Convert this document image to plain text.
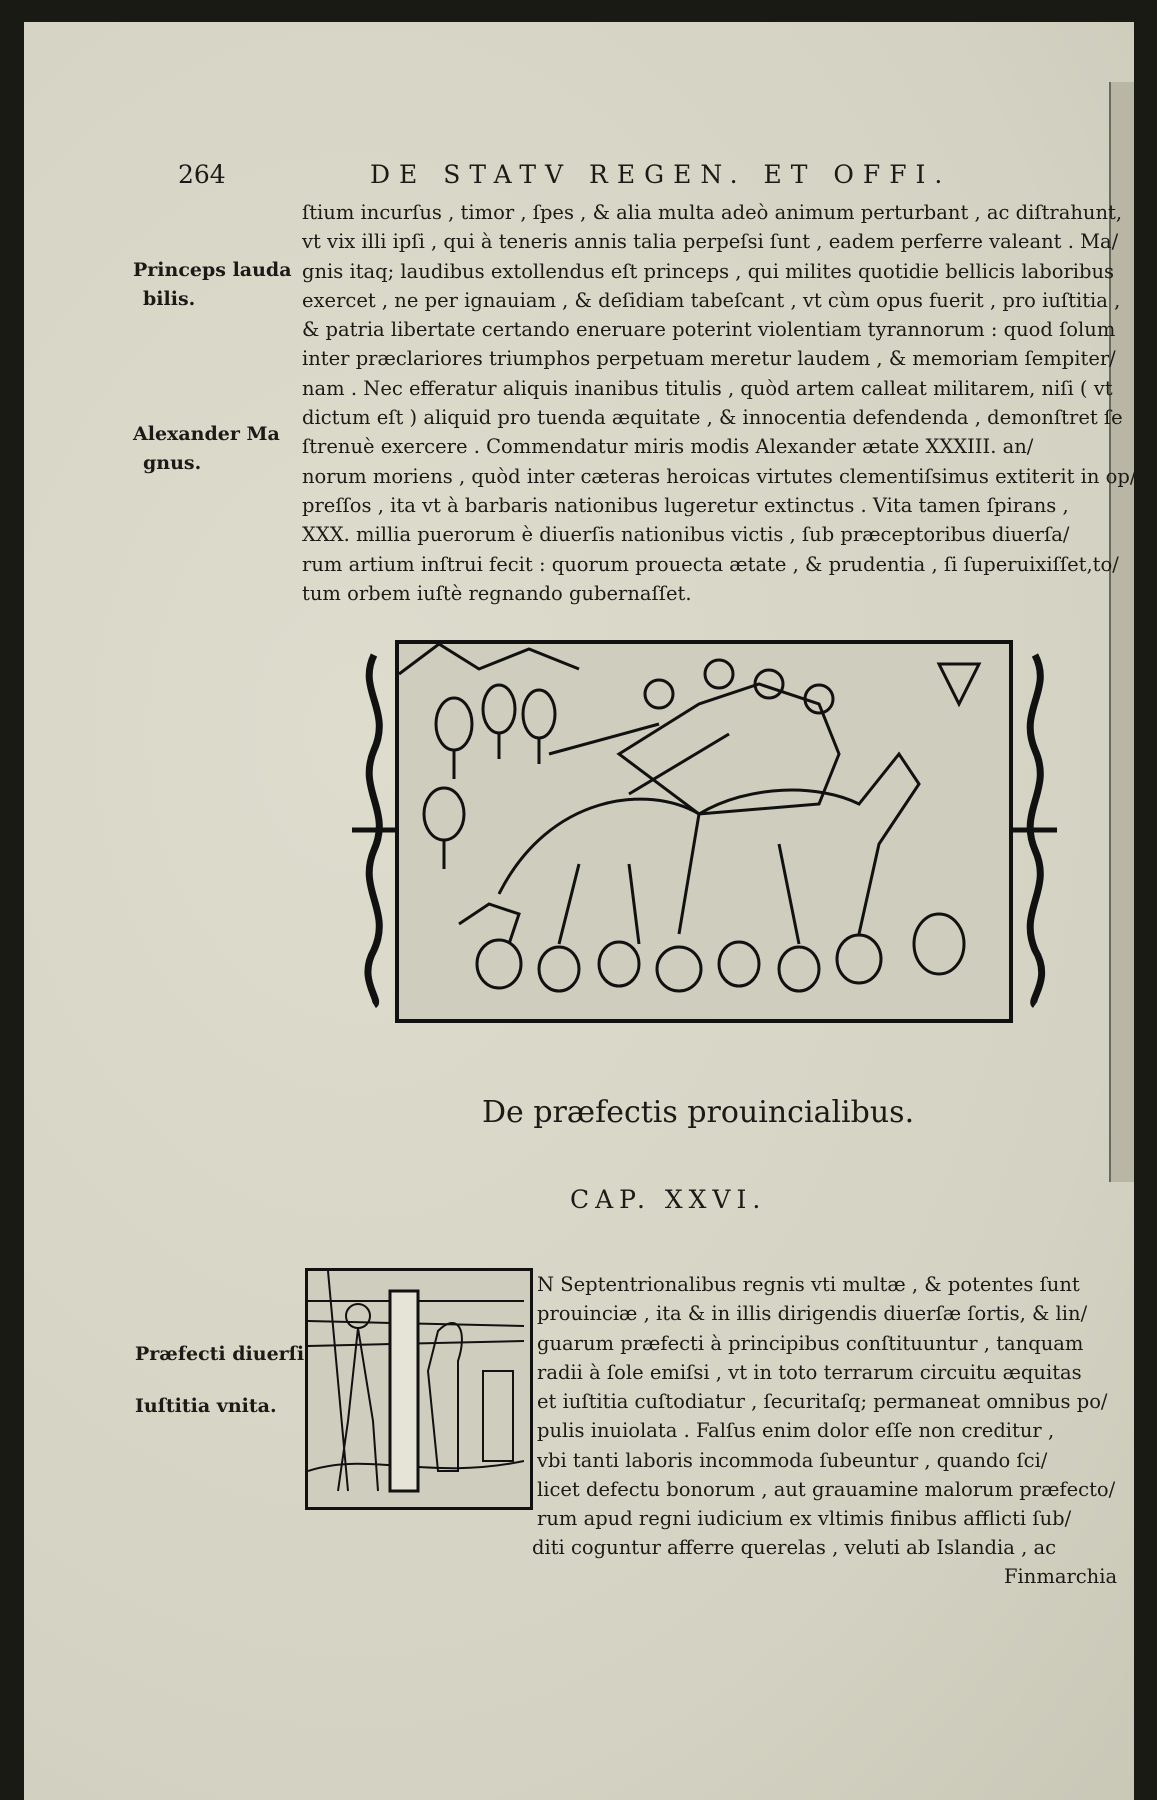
264	DE STATV REGEN. ET OFFI.
ſtium incurſus , timor , ſpes , & alia multa adeò animum perturbant , ac diſtrahunt,
vt vix illi ipſi , qui à teneris annis talia perpeſsi ſunt , eadem perferre valeant . Ma/
gnis itaq; laudibus extollendus eſt princeps , qui milites quotidie bellicis laboribus
exercet , ne per ignauiam , & deſidiam tabeſcant , vt cùm opus fuerit , pro iuſtitia ,
& patria libertate certando eneruare poterint violentiam tyrannorum : quod ſolum
inter præclariores triumphos perpetuam meretur laudem , & memoriam ſempiter/
nam . Nec efferatur aliquis inanibus titulis , quòd artem calleat militarem, niſi ( vt
dictum eſt ) aliquid pro tuenda æquitate , & innocentia defendenda , demonſtret ſe
ſtrenuè exercere . Commendatur miris modis Alexander ætate XXXIII. an/
norum moriens , quòd inter cæteras heroicas virtutes clementiſsimus extiterit in op/
preſſos , ita vt à barbaris nationibus lugeretur extinctus . Vita tamen ſpirans ,
XXX. millia puerorum è diuerſis nationibus victis , ſub præceptoribus diuerſa/
rum artium inſtrui fecit : quorum prouecta ætate , & prudentia , ſi ſuperuixiſſet,to/
tum orbem iuſtè regnando gubernaſſet.
Princeps lauda
bilis.
Alexander Ma
gnus.
De præfectis prouincialibus.
CAP. XXVI.
I
N Septentrionalibus regnis vti multæ , & potentes ſunt
prouinciæ , ita & in illis dirigendis diuerſæ ſortis, & lin/
guarum præfecti à principibus conſtituuntur , tanquam
radii à ſole emiſsi , vt in toto terrarum circuitu æquitas
et iuſtitia cuſtodiatur , ſecuritaſq; permaneat omnibus po/
pulis inuiolata . Falſus enim dolor eſſe non creditur ,
vbi tanti laboris incommoda ſubeuntur , quando ſci/
licet defectu bonorum , aut grauamine malorum præfecto/
rum apud regni iudicium ex vltimis finibus afflicti ſub/
diti coguntur afferre querelas , veluti ab Islandia , ac
Finmarchia
Præfecti diuerſi
Iuſtitia vnita.
